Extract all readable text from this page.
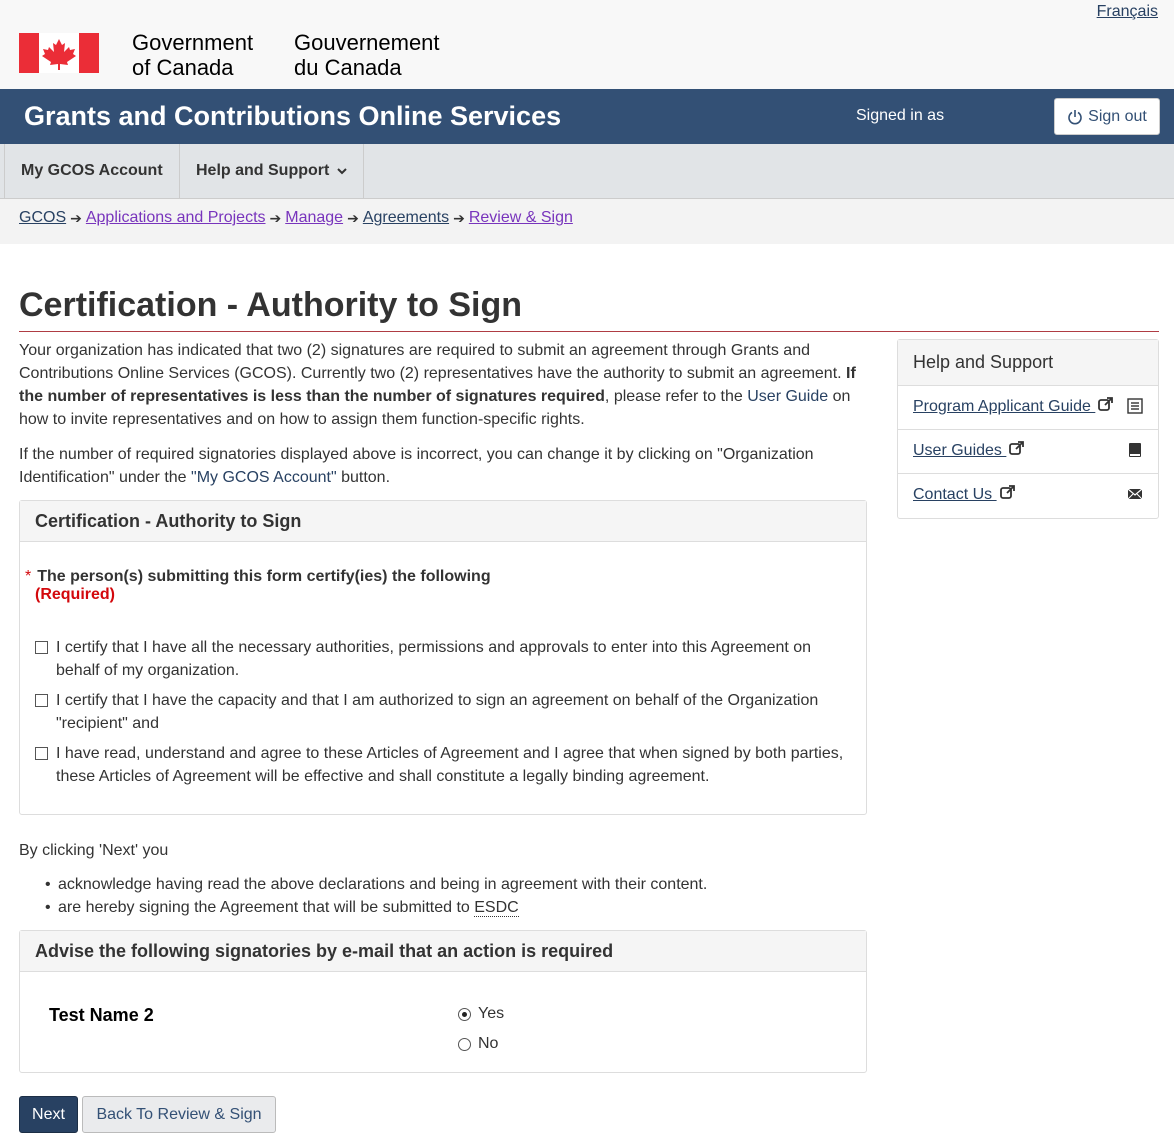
Français
Government
of Canada
Gouvernement
du Canada
Grants and Contributions Online Services	Signed in as	Sign out
My GCOS Account Help and Support
GCOS ➔ Applications and Projects ➔ Manage ➔ Agreements ➔ Review & Sign
Certification - Authority to Sign

Your organization has indicated that two (2) signatures are required to submit an agreement through Grants and Contributions Online Services (GCOS). Currently two (2) representatives have the authority to submit an agreement. If the number of representatives is less than the number of signatures required, please refer to the User Guide on how to invite representatives and on how to assign them function-specific rights.

If the number of required signatories displayed above is incorrect, you can change it by clicking on "Organization Identification" under the "My GCOS Account" button.

Certification - Authority to Sign
* The person(s) submitting this form certify(ies) the following
(Required)
I certify that I have all the necessary authorities, permissions and approvals to enter into this Agreement on behalf of my organization.
I certify that I have the capacity and that I am authorized to sign an agreement on behalf of the Organization "recipient" and
I have read, understand and agree to these Articles of Agreement and I agree that when signed by both parties, these Articles of Agreement will be effective and shall constitute a legally binding agreement.

By clicking 'Next' you

• acknowledge having read the above declarations and being in agreement with their content.
• are hereby signing the Agreement that will be submitted to ESDC
Advise the following signatories by e-mail that an action is required
Test Name 2	Yes
No
Next	Back To Review & Sign
Help and Support
Program Applicant Guide
User Guides
Contact Us
